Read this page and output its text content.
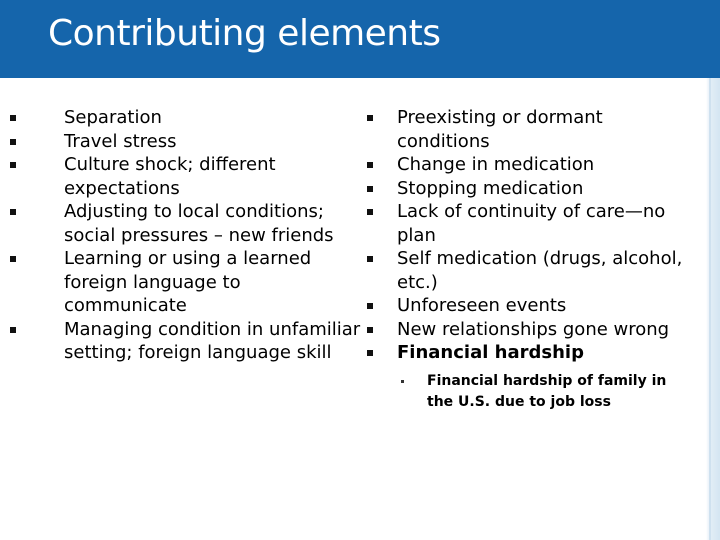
Contributing elements
Separation
Travel stress
Culture shock; different expectations
Adjusting to local conditions; social pressures – new friends
Learning or using a learned foreign language to communicate
Managing condition in unfamiliar setting; foreign language skill
Preexisting or dormant conditions
Change in medication
Stopping medication
Lack of continuity of care—no plan
Self medication (drugs, alcohol, etc.)
Unforeseen events
New relationships gone wrong
Financial hardship
Financial hardship of family in the U.S. due to job loss
